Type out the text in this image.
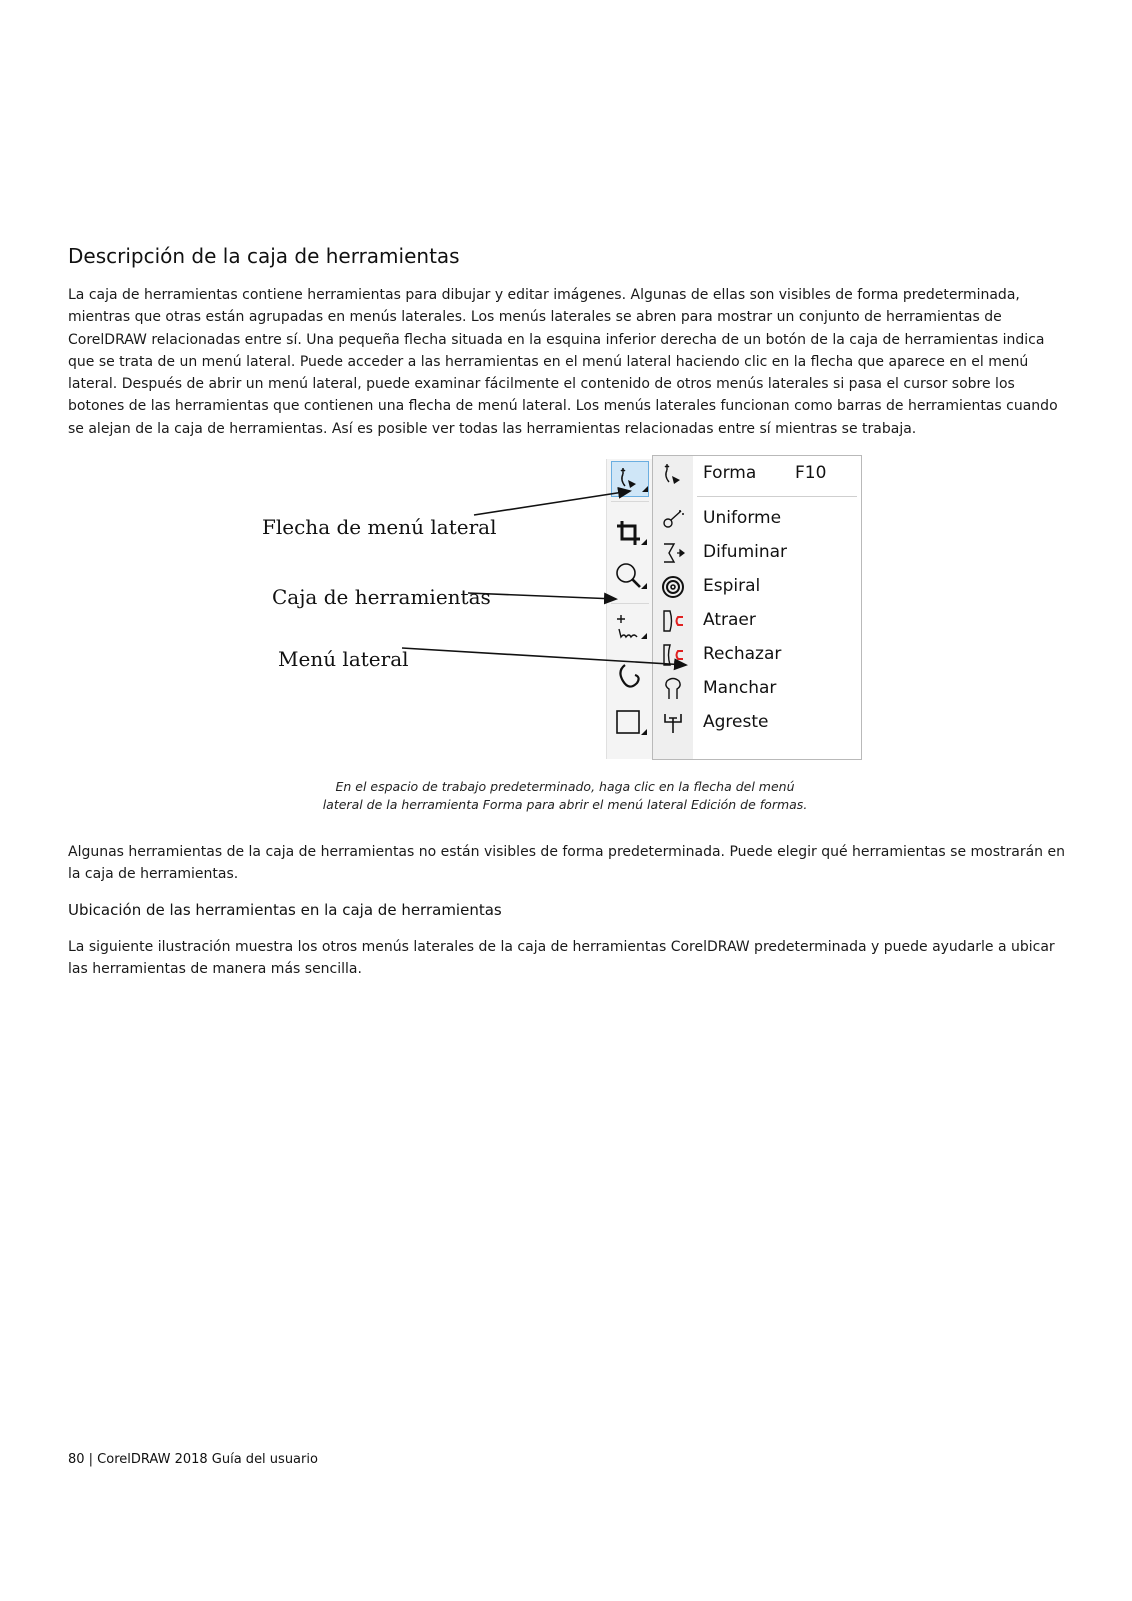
Descripción de la caja de herramientas

La caja de herramientas contiene herramientas para dibujar y editar imágenes. Algunas de ellas son visibles de forma predeterminada, mientras que otras están agrupadas en menús laterales. Los menús laterales se abren para mostrar un conjunto de herramientas de CorelDRAW relacionadas entre sí. Una pequeña flecha situada en la esquina inferior derecha de un botón de la caja de herramientas indica que se trata de un menú lateral. Puede acceder a las herramientas en el menú lateral haciendo clic en la flecha que aparece en el menú lateral. Después de abrir un menú lateral, puede examinar fácilmente el contenido de otros menús laterales si pasa el cursor sobre los botones de las herramientas que contienen una flecha de menú lateral. Los menús laterales funcionan como barras de herramientas cuando se alejan de la caja de herramientas. Así es posible ver todas las herramientas relacionadas entre sí mientras se trabaja.

Flecha de menú lateral
Caja de herramientas
Menú lateral
Forma F10
Uniforme
Difuminar
Espiral
Atraer
Rechazar
Manchar
Agreste

En el espacio de trabajo predeterminado, haga clic en la flecha del menú
lateral de la herramienta Forma para abrir el menú lateral Edición de formas.

Algunas herramientas de la caja de herramientas no están visibles de forma predeterminada. Puede elegir qué herramientas se mostrarán en la caja de herramientas.

Ubicación de las herramientas en la caja de herramientas

La siguiente ilustración muestra los otros menús laterales de la caja de herramientas CorelDRAW predeterminada y puede ayudarle a ubicar las herramientas de manera más sencilla.

80 | CorelDRAW 2018 Guía del usuario
